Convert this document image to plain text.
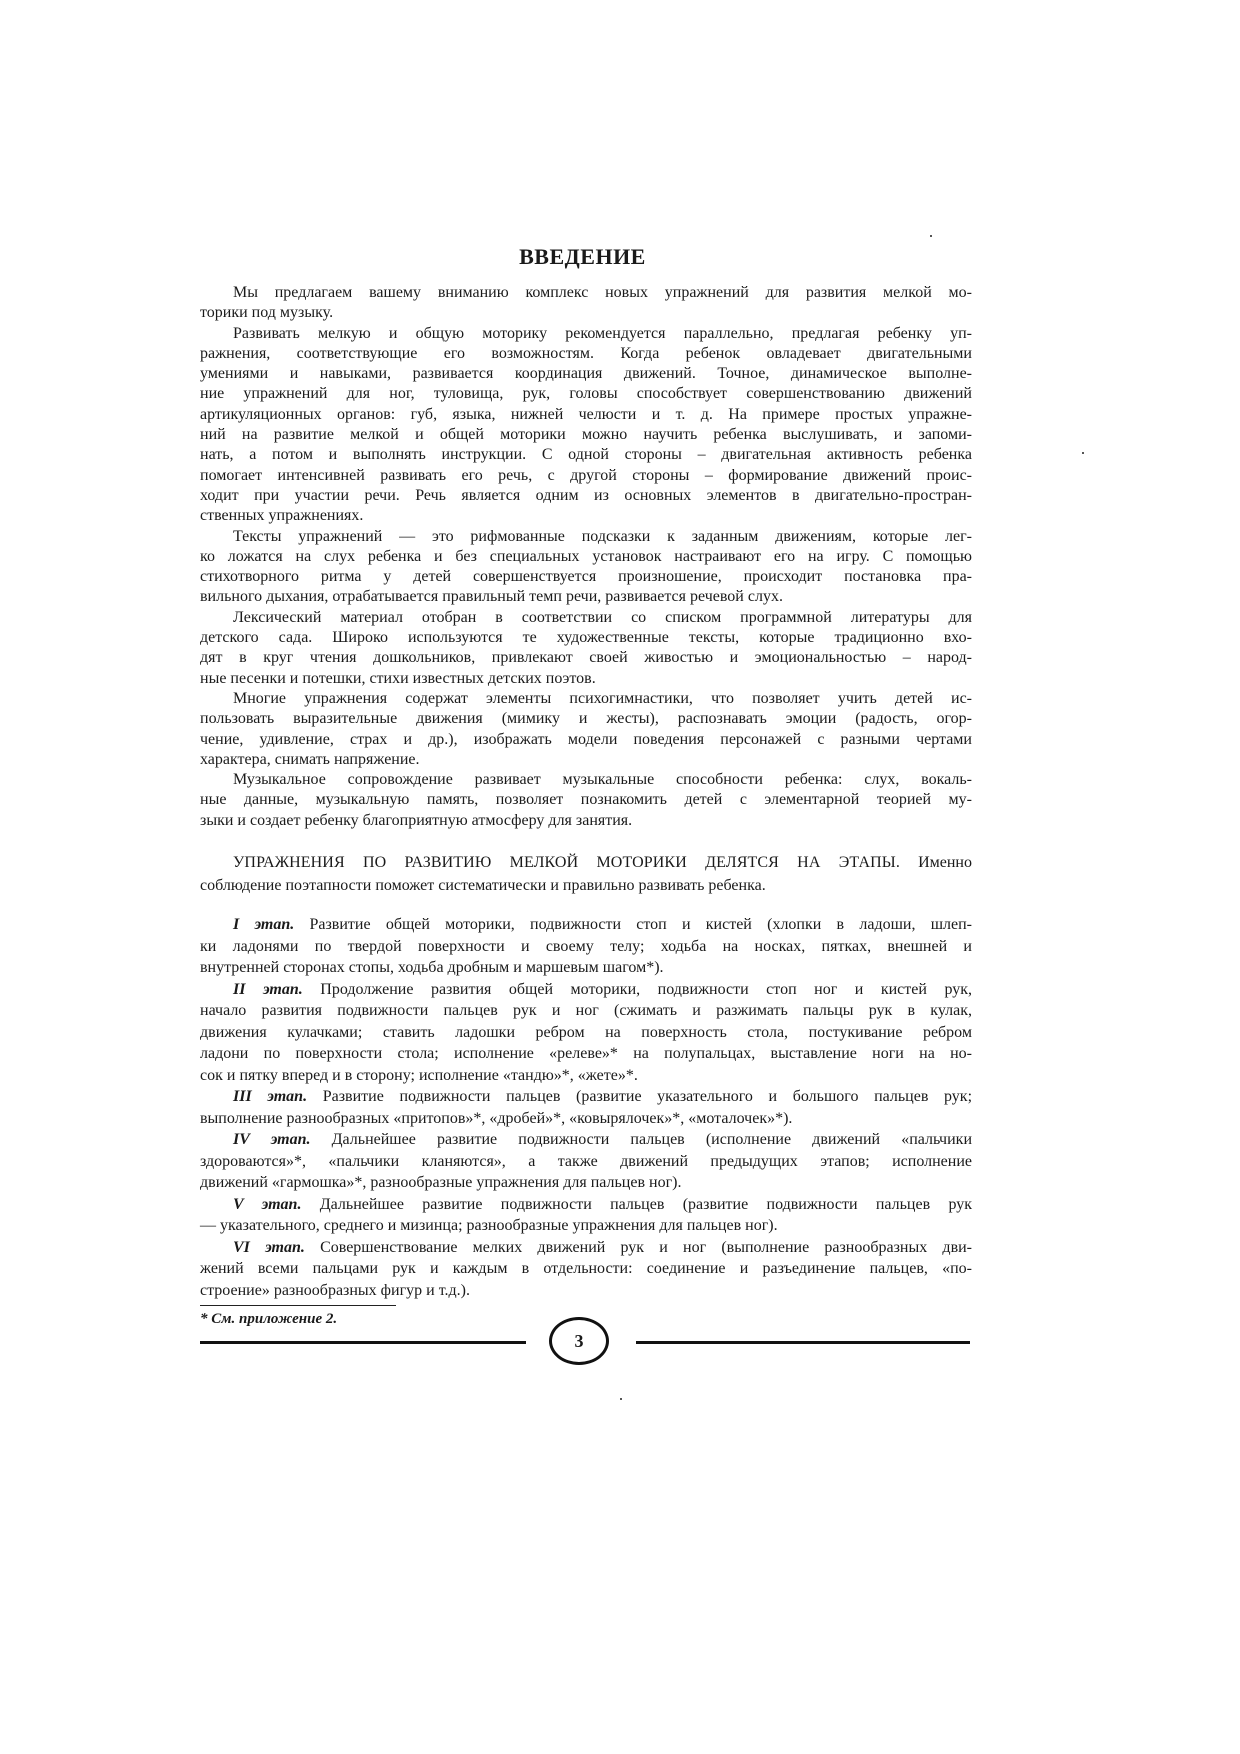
ВВЕДЕНИЕ
Мы предлагаем вашему вниманию комплекс новых упражнений для развития мелкой мо-
торики под музыку.
Развивать мелкую и общую моторику рекомендуется параллельно, предлагая ребенку уп-
ражнения, соответствующие его возможностям. Когда ребенок овладевает двигательными
умениями и навыками, развивается координация движений. Точное, динамическое выполне-
ние упражнений для ног, туловища, рук, головы способствует совершенствованию движений
артикуляционных органов: губ, языка, нижней челюсти и т. д. На примере простых упражне-
ний на развитие мелкой и общей моторики можно научить ребенка выслушивать, и запоми-
нать, а потом и выполнять инструкции. С одной стороны – двигательная активность ребенка
помогает интенсивней развивать его речь, с другой стороны – формирование движений проис-
ходит при участии речи. Речь является одним из основных элементов в двигательно-простран-
ственных упражнениях.
Тексты упражнений — это рифмованные подсказки к заданным движениям, которые лег-
ко ложатся на слух ребенка и без специальных установок настраивают его на игру. С помощью
стихотворного ритма у детей совершенствуется произношение, происходит постановка пра-
вильного дыхания, отрабатывается правильный темп речи, развивается речевой слух.
Лексический материал отобран в соответствии со списком программной литературы для
детского сада. Широко используются те художественные тексты, которые традиционно вхо-
дят в круг чтения дошкольников, привлекают своей живостью и эмоциональностью – народ-
ные песенки и потешки, стихи известных детских поэтов.
Многие упражнения содержат элементы психогимнастики, что позволяет учить детей ис-
пользовать выразительные движения (мимику и жесты), распознавать эмоции (радость, огор-
чение, удивление, страх и др.), изображать модели поведения персонажей с разными чертами
характера, снимать напряжение.
Музыкальное сопровождение развивает музыкальные способности ребенка: слух, вокаль-
ные данные, музыкальную память, позволяет познакомить детей с элементарной теорией му-
зыки и создает ребенку благоприятную атмосферу для занятия.
УПРАЖНЕНИЯ ПО РАЗВИТИЮ МЕЛКОЙ МОТОРИКИ ДЕЛЯТСЯ НА ЭТАПЫ. Именно
соблюдение поэтапности поможет систематически и правильно развивать ребенка.
I этап. Развитие общей моторики, подвижности стоп и кистей (хлопки в ладоши, шлеп-
ки ладонями по твердой поверхности и своему телу; ходьба на носках, пятках, внешней и
внутренней сторонах стопы, ходьба дробным и маршевым шагом*).
II этап. Продолжение развития общей моторики, подвижности стоп ног и кистей рук,
начало развития подвижности пальцев рук и ног (сжимать и разжимать пальцы рук в кулак,
движения кулачками; ставить ладошки ребром на поверхность стола, постукивание ребром
ладони по поверхности стола; исполнение «релеве»* на полупальцах, выставление ноги на но-
сок и пятку вперед и в сторону; исполнение «тандю»*, «жете»*.
III этап. Развитие подвижности пальцев (развитие указательного и большого пальцев рук;
выполнение разнообразных «притопов»*, «дробей»*, «ковырялочек»*, «моталочек»*).
IV этап. Дальнейшее развитие подвижности пальцев (исполнение движений «пальчики
здороваются»*, «пальчики кланяются», а также движений предыдущих этапов; исполнение
движений «гармошка»*, разнообразные упражнения для пальцев ног).
V этап. Дальнейшее развитие подвижности пальцев (развитие подвижности пальцев рук
— указательного, среднего и мизинца; разнообразные упражнения для пальцев ног).
VI этап. Совершенствование мелких движений рук и ног (выполнение разнообразных дви-
жений всеми пальцами рук и каждым в отдельности: соединение и разъединение пальцев, «по-
строение» разнообразных фигур и т.д.).
* См. приложение 2.
3
